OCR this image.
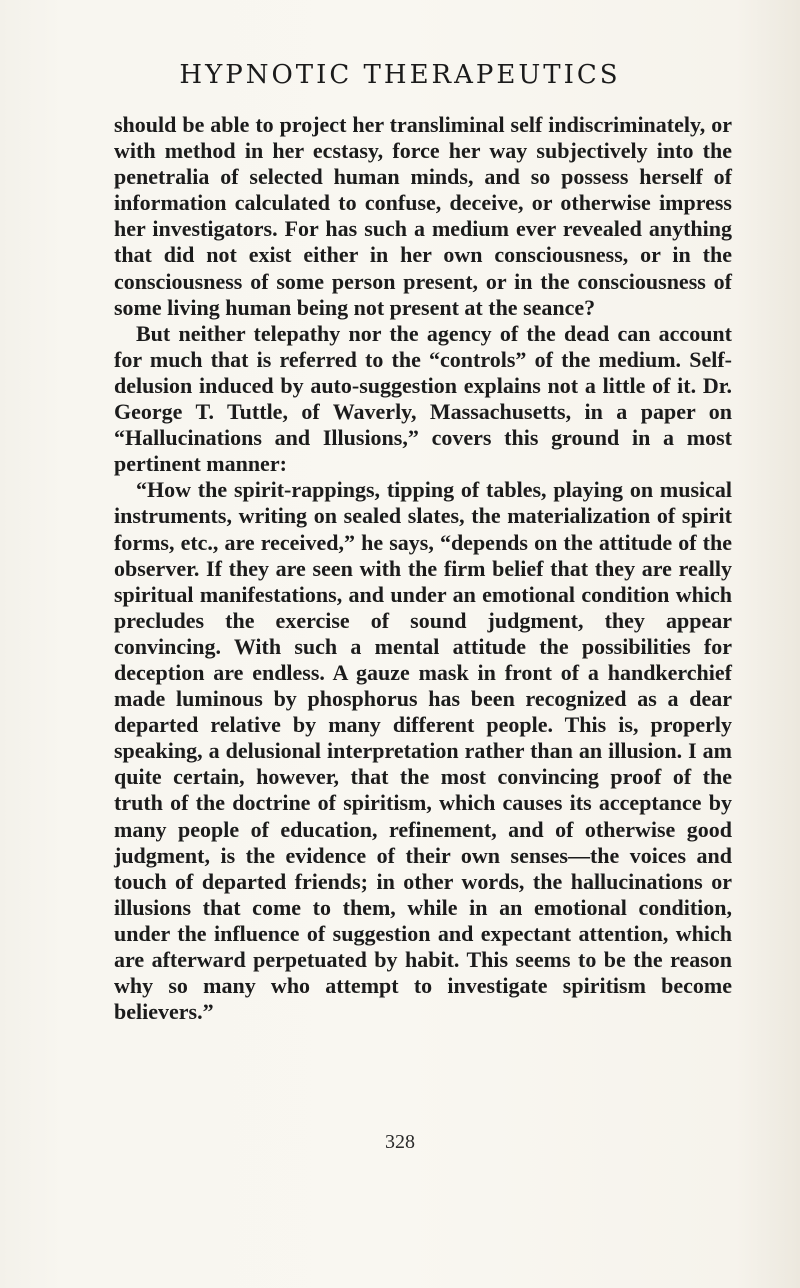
HYPNOTIC THERAPEUTICS

should be able to project her transliminal self indiscriminately, or with method in her ecstasy, force her way subjectively into the penetralia of selected human minds, and so possess herself of information calculated to confuse, deceive, or otherwise impress her investigators. For has such a medium ever revealed anything that did not exist either in her own consciousness, or in the consciousness of some person present, or in the consciousness of some living human being not present at the seance?

But neither telepathy nor the agency of the dead can account for much that is referred to the “controls” of the medium. Self-delusion induced by auto-suggestion explains not a little of it. Dr. George T. Tuttle, of Waverly, Massachusetts, in a paper on “Hallucinations and Illusions,” covers this ground in a most pertinent manner:

“How the spirit-rappings, tipping of tables, playing on musical instruments, writing on sealed slates, the materialization of spirit forms, etc., are received,” he says, “depends on the attitude of the observer. If they are seen with the firm belief that they are really spiritual manifestations, and under an emotional condition which precludes the exercise of sound judgment, they appear convincing. With such a mental attitude the possibilities for deception are endless. A gauze mask in front of a handkerchief made luminous by phosphorus has been recognized as a dear departed relative by many different people. This is, properly speaking, a delusional interpretation rather than an illusion. I am quite certain, however, that the most convincing proof of the truth of the doctrine of spiritism, which causes its acceptance by many people of education, refinement, and of otherwise good judgment, is the evidence of their own senses—the voices and touch of departed friends; in other words, the hallucinations or illusions that come to them, while in an emotional condition, under the influence of suggestion and expectant attention, which are afterward perpetuated by habit. This seems to be the reason why so many who attempt to investigate spiritism become believers.”

328
